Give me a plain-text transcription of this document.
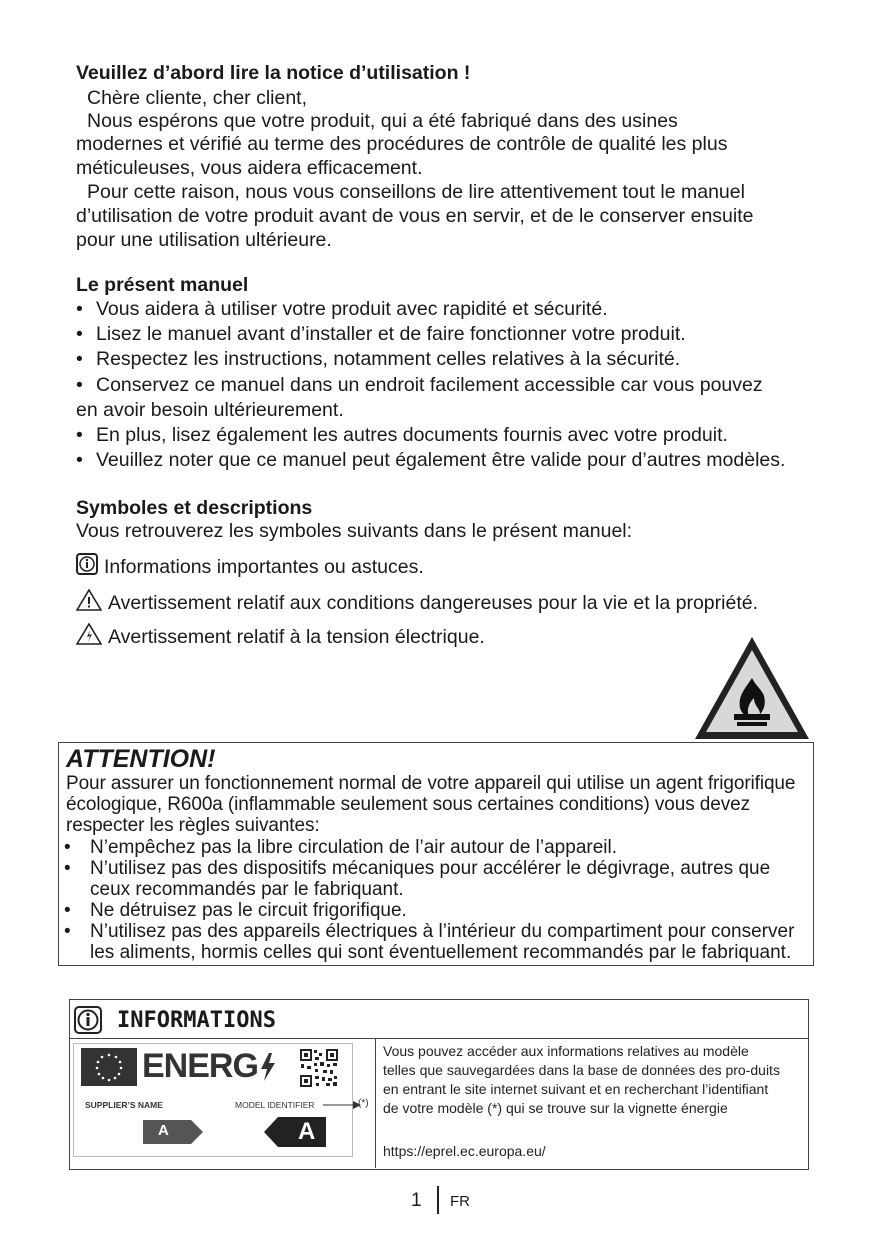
Veuillez d’abord lire la notice d’utilisation !
Chère cliente, cher client,
Nous espérons que votre produit, qui a été fabriqué dans des usines
modernes et vérifié au terme des procédures de contrôle de qualité les plus
méticuleuses, vous aidera efficacement.
Pour cette raison, nous vous conseillons de lire attentivement tout le manuel
d’utilisation de votre produit avant de vous en servir, et de le conserver ensuite
pour une utilisation ultérieure.
Le présent manuel
• Vous aidera à utiliser votre produit avec rapidité et sécurité.
• Lisez le manuel avant d’installer et de faire fonctionner votre produit.
• Respectez les instructions, notamment celles relatives à la sécurité.
• Conservez ce manuel dans un endroit facilement accessible car vous pouvez
en avoir besoin ultérieurement.
• En plus, lisez également les autres documents fournis avec votre produit.
• Veuillez noter que ce manuel peut également être valide pour d’autres modèles.
Symboles et descriptions
Vous retrouverez les symboles suivants dans le présent manuel:
Informations importantes ou astuces.
Avertissement relatif aux conditions dangereuses pour la vie et la propriété.
Avertissement relatif à la tension électrique.
ATTENTION!
Pour assurer un fonctionnement normal de votre appareil qui utilise un agent frigorifique écologique, R600a (inflammable seulement sous certaines conditions) vous devez respecter les règles suivantes:
• N’empêchez pas la libre circulation de l’air autour de l’appareil.
• N’utilisez pas des dispositifs mécaniques pour accélérer le dégivrage, autres que ceux recommandés par le fabriquant.
• Ne détruisez pas le circuit frigorifique.
• N’utilisez pas des appareils électriques à l’intérieur du compartiment pour conserver les aliments, hormis celles qui sont éventuellement recommandés par le fabriquant.
INFORMATIONS
ENERG
SUPPLIER’S NAME	MODEL IDENTIFIER
A	A
(*)
Vous pouvez accéder aux informations relatives au modèle telles que sauvegardées dans la base de données des pro-duits en entrant le site internet suivant et en recherchant l’identifiant de votre modèle (*) qui se trouve sur la vignette énergie
https://eprel.ec.europa.eu/
1 FR
